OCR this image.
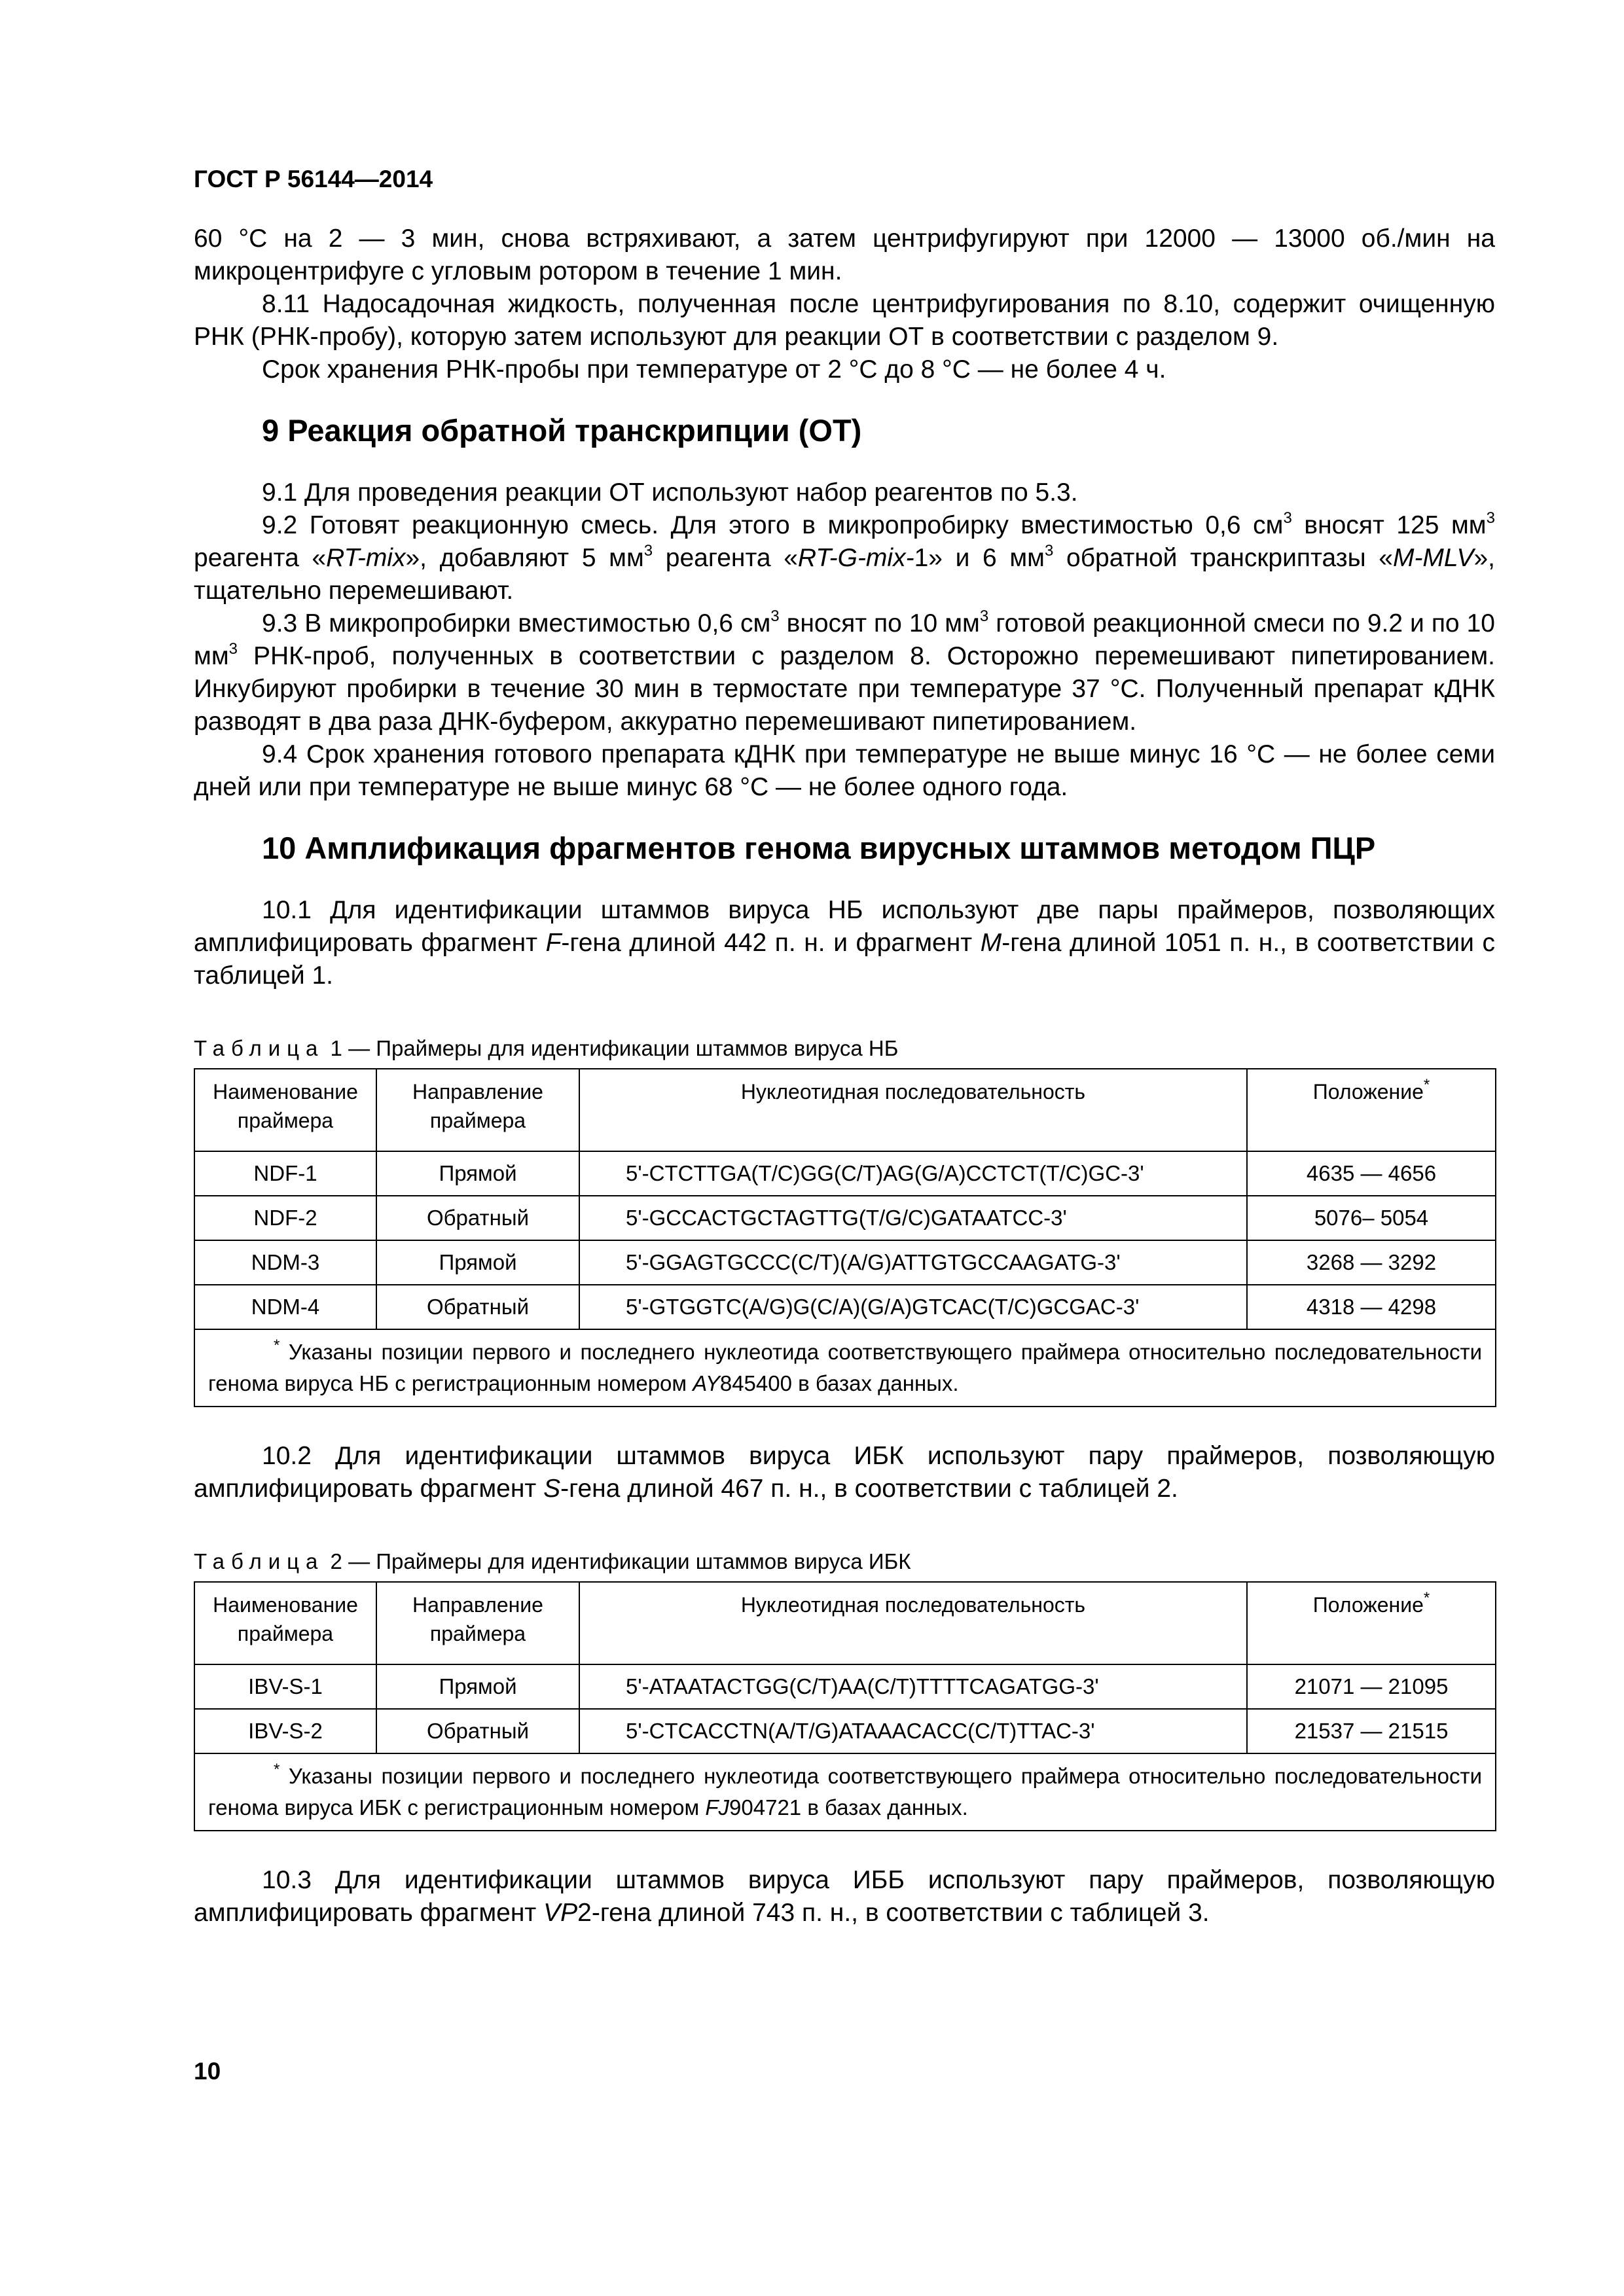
ГОСТ Р 56144—2014

60 °С на 2 — 3 мин, снова встряхивают, а затем центрифугируют при 12000 — 13000 об./мин на микроцентрифуге с угловым ротором в течение 1 мин.

8.11 Надосадочная жидкость, полученная после центрифугирования по 8.10, содержит очищенную РНК (РНК-пробу), которую затем используют для реакции ОТ в соответствии с разделом 9.

Срок хранения РНК-пробы при температуре от 2 °С до 8 °С — не более 4 ч.

9 Реакция обратной транскрипции (ОТ)

9.1 Для проведения реакции ОТ используют набор реагентов по 5.3.

9.2 Готовят реакционную смесь. Для этого в микропробирку вместимостью 0,6 $см^3$ вносят 125 $мм^3$ реагента «RT-mix», добавляют 5 $мм^3$ реагента «RT-G-mix-1» и 6 $мм^3$ обратной транскриптазы «M-MLV», тщательно перемешивают.

9.3 В микропробирки вместимостью 0,6 $см^3$ вносят по 10 $мм^3$ готовой реакционной смеси по 9.2 и по 10 $мм^3$ РНК-проб, полученных в соответствии с разделом 8. Осторожно перемешивают пипетированием. Инкубируют пробирки в течение 30 мин в термостате при температуре 37 °С. Полученный препарат кДНК разводят в два раза ДНК-буфером, аккуратно перемешивают пипетированием.

9.4 Срок хранения готового препарата кДНК при температуре не выше минус 16 °С — не более семи дней или при температуре не выше минус 68 °С — не более одного года.

10 Амплификация фрагментов генома вирусных штаммов методом ПЦР

10.1 Для идентификации штаммов вируса НБ используют две пары праймеров, позволяющих амплифицировать фрагмент F-гена длиной 442 п. н. и фрагмент M-гена длиной 1051 п. н., в соответствии с таблицей 1.

Таблица 1 — Праймеры для идентификации штаммов вируса НБ
Наименование праймера	Направление праймера	Нуклеотидная последовательность	Положение*
NDF-1	Прямой	5'-CTCTTGA(T/C)GG(C/T)AG(G/A)CCTCT(T/C)GC-3'	4635 — 4656
NDF-2	Обратный	5'-GCCACTGCTAGTTG(T/G/C)GATAATCC-3'	5076– 5054
NDM-3	Прямой	5'-GGAGTGCCC(C/T)(A/G)ATTGTGCCAAGATG-3'	3268 — 3292
NDM-4	Обратный	5'-GTGGTC(A/G)G(C/A)(G/A)GTCAC(T/C)GCGAC-3'	4318 — 4298
* Указаны позиции первого и последнего нуклеотида соответствующего праймера относительно последовательности генома вируса НБ с регистрационным номером AY845400 в базах данных.			

10.2 Для идентификации штаммов вируса ИБК используют пару праймеров, позволяющую амплифицировать фрагмент S-гена длиной 467 п. н., в соответствии с таблицей 2.

Таблица 2 — Праймеры для идентификации штаммов вируса ИБК
Наименование праймера	Направление праймера	Нуклеотидная последовательность	Положение*
IBV-S-1	Прямой	5'-ATAATACTGG(C/T)AA(C/T)TTTTCAGATGG-3'	21071 — 21095
IBV-S-2	Обратный	5'-CTCACCTN(A/T/G)ATAAACACC(C/T)TTAC-3'	21537 — 21515
* Указаны позиции первого и последнего нуклеотида соответствующего праймера относительно последовательности генома вируса ИБК с регистрационным номером FJ904721 в базах данных.			

10.3 Для идентификации штаммов вируса ИББ используют пару праймеров, позволяющую амплифицировать фрагмент VP2-гена длиной 743 п. н., в соответствии с таблицей 3.

10
